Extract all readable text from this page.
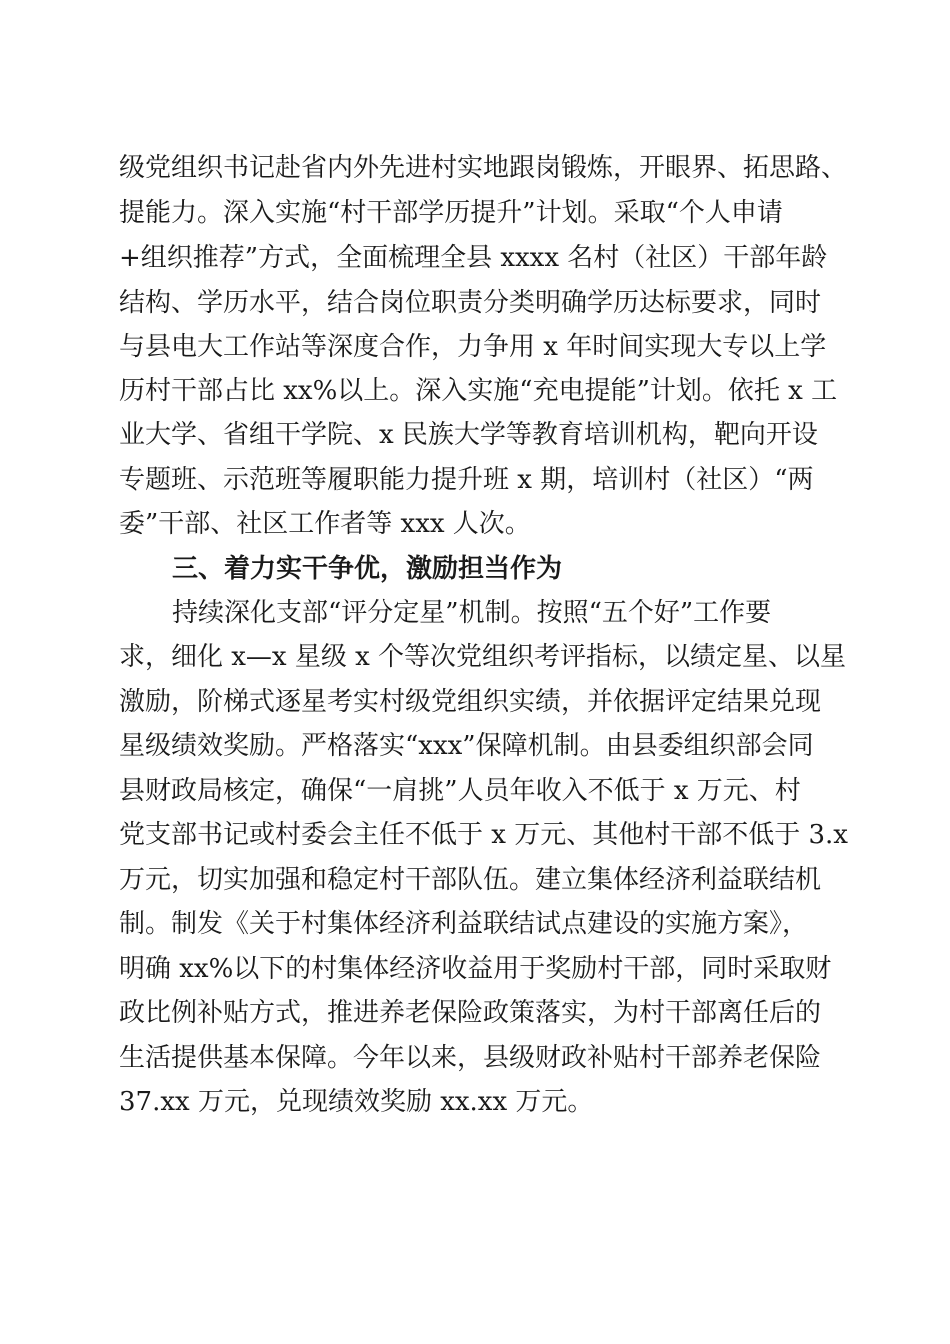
级党组织书记赴省内外先进村实地跟岗锻炼，开眼界、拓思路、
提能力。深入实施“村干部学历提升”计划。采取“个人申请
+组织推荐”方式，全面梳理全县 xxxx 名村（社区）干部年龄
结构、学历水平，结合岗位职责分类明确学历达标要求，同时
与县电大工作站等深度合作，力争用 x 年时间实现大专以上学
历村干部占比 xx%以上。深入实施“充电提能”计划。依托 x 工
业大学、省组干学院、x 民族大学等教育培训机构，靶向开设
专题班、示范班等履职能力提升班 x 期，培训村（社区）“两
委”干部、社区工作者等 xxx 人次。
三、着力实干争优，激励担当作为
持续深化支部“评分定星”机制。按照“五个好”工作要
求，细化 x—x 星级 x 个等次党组织考评指标，以绩定星、以星
激励，阶梯式逐星考实村级党组织实绩，并依据评定结果兑现
星级绩效奖励。严格落实“xxx”保障机制。由县委组织部会同
县财政局核定，确保“一肩挑”人员年收入不低于 x 万元、村
党支部书记或村委会主任不低于 x 万元、其他村干部不低于 3.x
万元，切实加强和稳定村干部队伍。建立集体经济利益联结机
制。制发《关于村集体经济利益联结试点建设的实施方案》，
明确 xx%以下的村集体经济收益用于奖励村干部，同时采取财
政比例补贴方式，推进养老保险政策落实，为村干部离任后的
生活提供基本保障。今年以来，县级财政补贴村干部养老保险
37.xx 万元，兑现绩效奖励 xx.xx 万元。
